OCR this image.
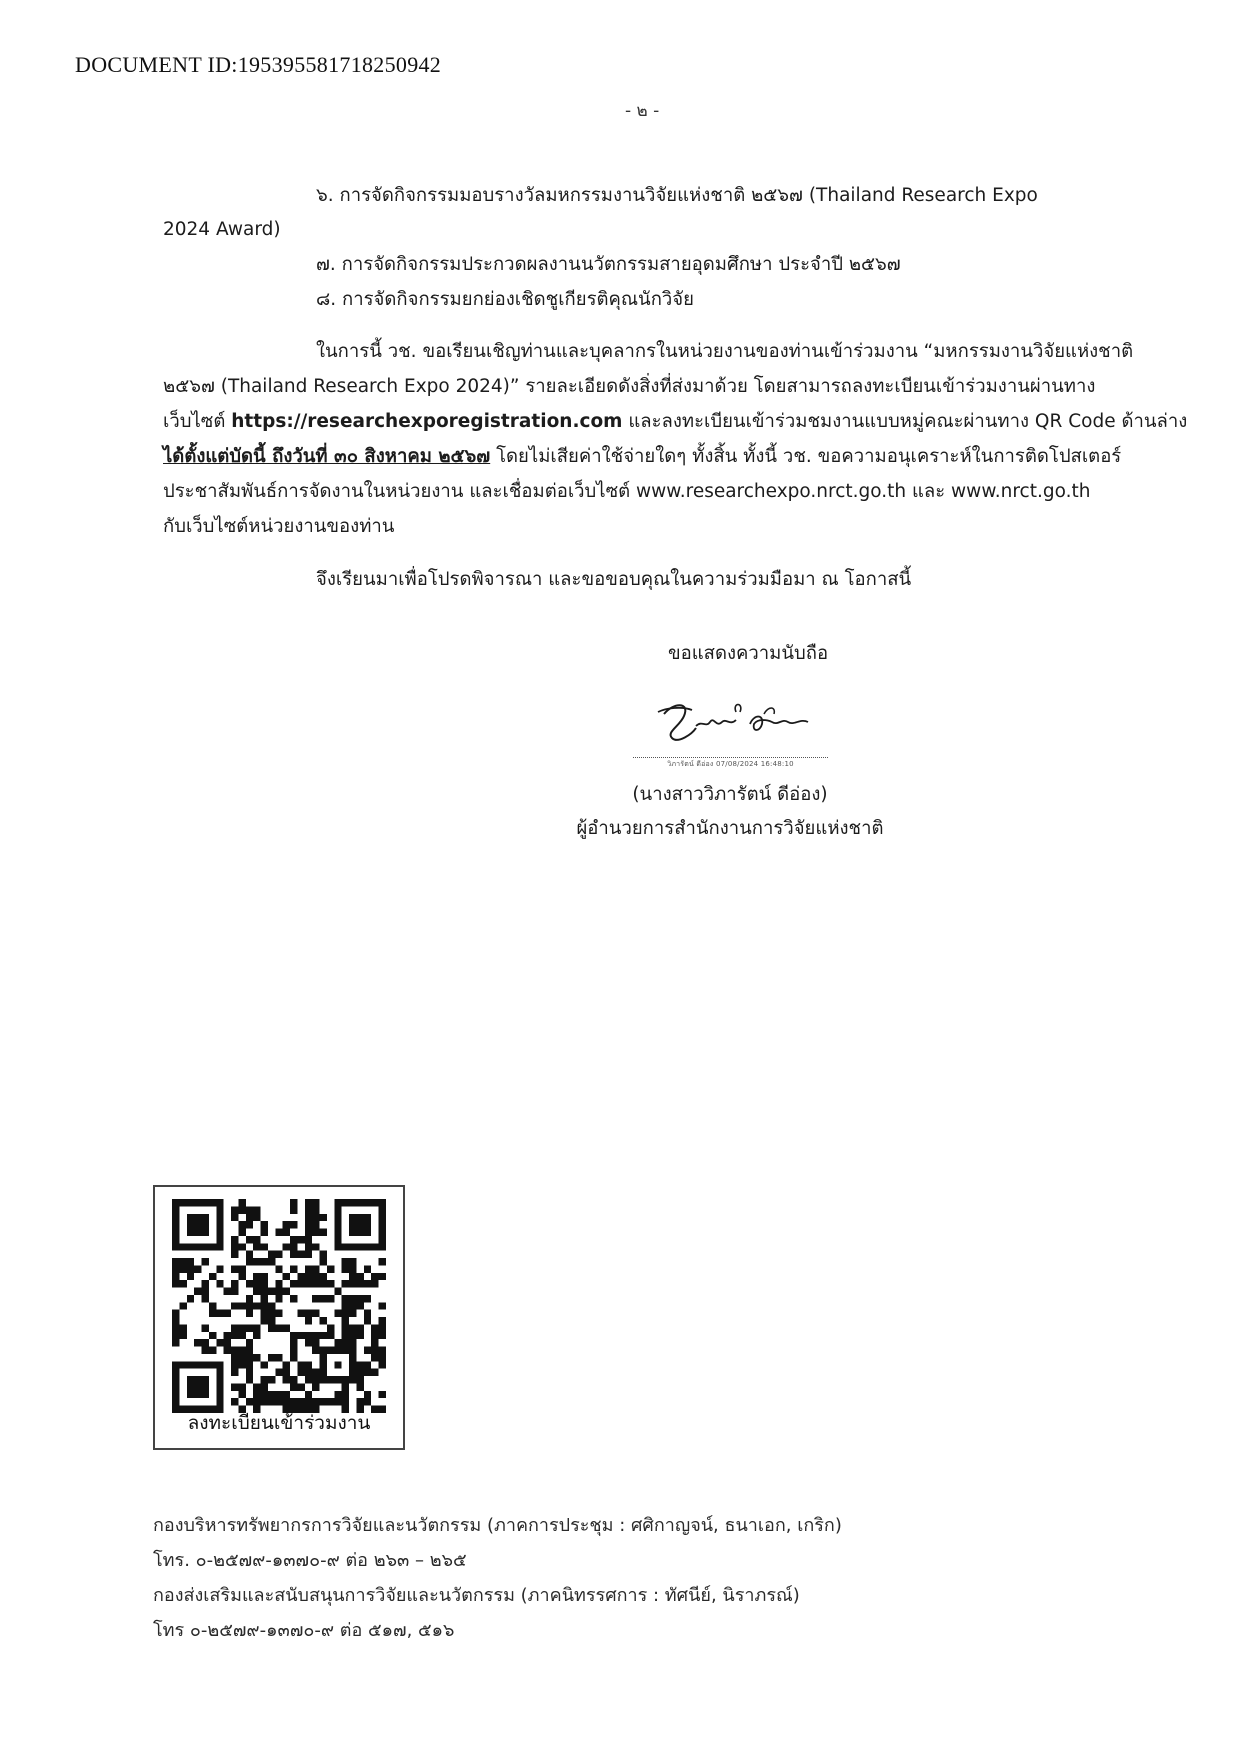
DOCUMENT ID:195395581718250942
- ๒ -
๖. การจัดกิจกรรมมอบรางวัลมหกรรมงานวิจัยแห่งชาติ ๒๕๖๗ (Thailand Research Expo
2024 Award)
๗. การจัดกิจกรรมประกวดผลงานนวัตกรรมสายอุดมศึกษา ประจำปี ๒๕๖๗
๘. การจัดกิจกรรมยกย่องเชิดชูเกียรติคุณนักวิจัย
ในการนี้ วช. ขอเรียนเชิญท่านและบุคลากรในหน่วยงานของท่านเข้าร่วมงาน “มหกรรมงานวิจัยแห่งชาติ
๒๕๖๗ (Thailand Research Expo 2024)” รายละเอียดดังสิ่งที่ส่งมาด้วย โดยสามารถลงทะเบียนเข้าร่วมงานผ่านทาง
เว็บไซต์ https://researchexporegistration.com และลงทะเบียนเข้าร่วมชมงานแบบหมู่คณะผ่านทาง QR Code ด้านล่าง
ได้ตั้งแต่บัดนี้ ถึงวันที่ ๓๐ สิงหาคม ๒๕๖๗ โดยไม่เสียค่าใช้จ่ายใดๆ ทั้งสิ้น ทั้งนี้ วช. ขอความอนุเคราะห์ในการติดโปสเตอร์
ประชาสัมพันธ์การจัดงานในหน่วยงาน และเชื่อมต่อเว็บไซต์ www.researchexpo.nrct.go.th และ www.nrct.go.th
กับเว็บไซต์หน่วยงานของท่าน
จึงเรียนมาเพื่อโปรดพิจารณา และขอขอบคุณในความร่วมมือมา ณ โอกาสนี้
ขอแสดงความนับถือ
วิภารัตน์ ดีอ่อง 07/08/2024 16:48:10
(นางสาววิภารัตน์ ดีอ่อง)
ผู้อำนวยการสำนักงานการวิจัยแห่งชาติ
ลงทะเบียนเข้าร่วมงาน
กองบริหารทรัพยากรการวิจัยและนวัตกรรม (ภาคการประชุม : ศศิกาญจน์, ธนาเอก, เกริก)
โทร. ๐-๒๕๗๙-๑๓๗๐-๙ ต่อ ๒๖๓ – ๒๖๕
กองส่งเสริมและสนับสนุนการวิจัยและนวัตกรรม (ภาคนิทรรศการ : ทัศนีย์, นิราภรณ์)
โทร ๐-๒๕๗๙-๑๓๗๐-๙ ต่อ ๕๑๗, ๕๑๖
